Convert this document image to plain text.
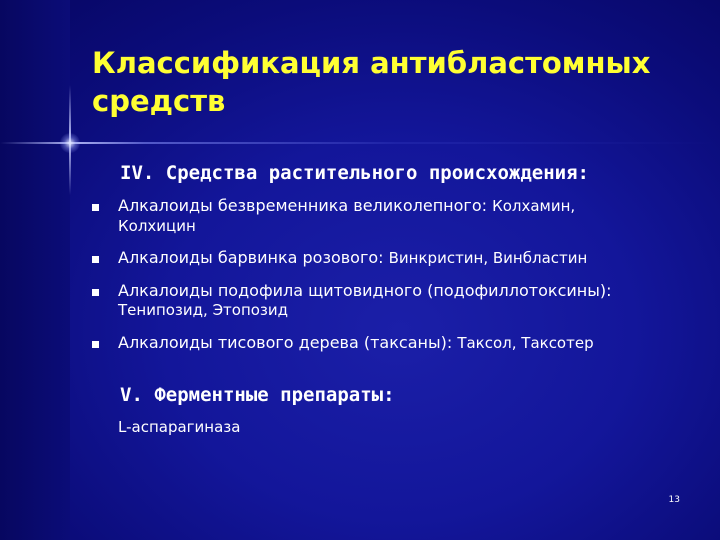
Классификация антибластомных средств
IV. Средства растительного происхождения:
Алкалоиды безвременника великолепного: Колхамин, Колхицин
Алкалоиды барвинка розового: Винкристин, Винбластин
Алкалоиды подофила щитовидного (подофиллотоксины): Тенипозид, Этопозид
Алкалоиды тисового дерева (таксаны): Таксол, Таксотер
V. Ферментные препараты:
L-аспарагиназа
13
